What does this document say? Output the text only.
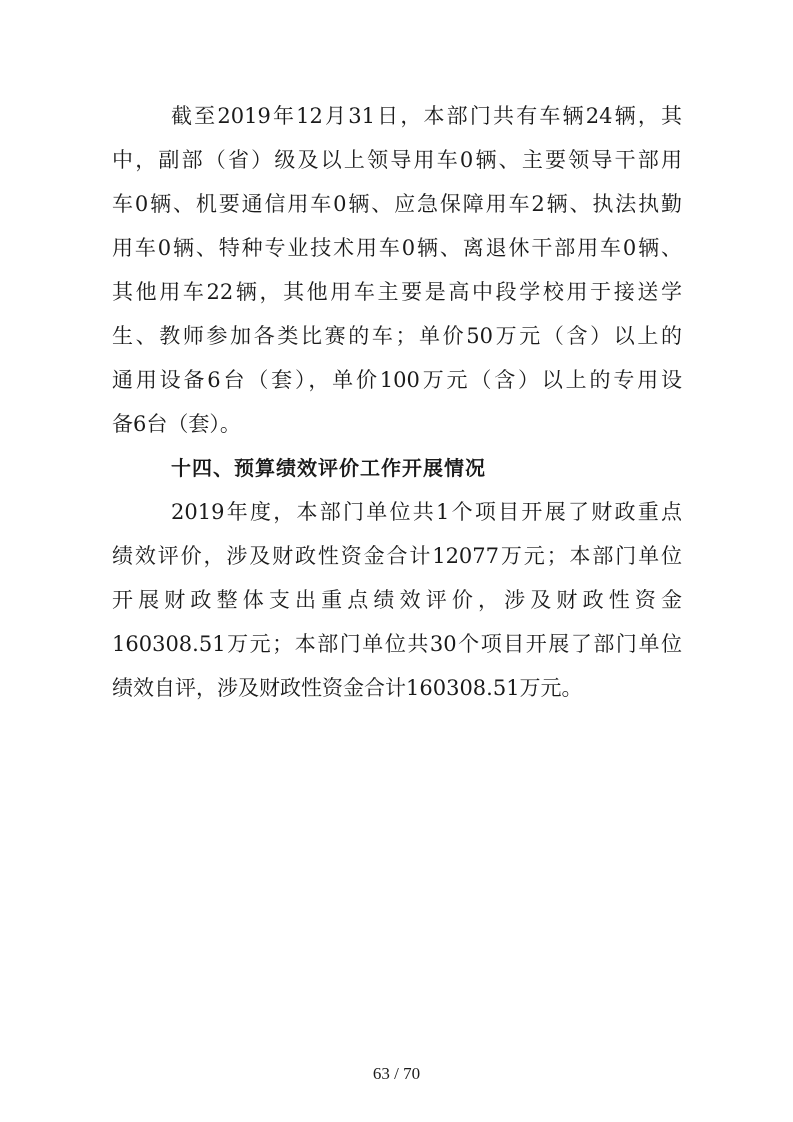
截至2019年12月31日，本部门共有车辆24辆，其
中，副部（省）级及以上领导用车0辆、主要领导干部用
车0辆、机要通信用车0辆、应急保障用车2辆、执法执勤
用车0辆、特种专业技术用车0辆、离退休干部用车0辆、
其他用车22辆，其他用车主要是高中段学校用于接送学
生、教师参加各类比赛的车；单价50万元（含）以上的
通用设备6台（套），单价100万元（含）以上的专用设
备6台（套）。
十四、预算绩效评价工作开展情况
2019年度，本部门单位共1个项目开展了财政重点
绩效评价，涉及财政性资金合计12077万元；本部门单位
开展财政整体支出重点绩效评价，涉及财政性资金
160308.51万元；本部门单位共30个项目开展了部门单位
绩效自评，涉及财政性资金合计160308.51万元。
63 / 70
